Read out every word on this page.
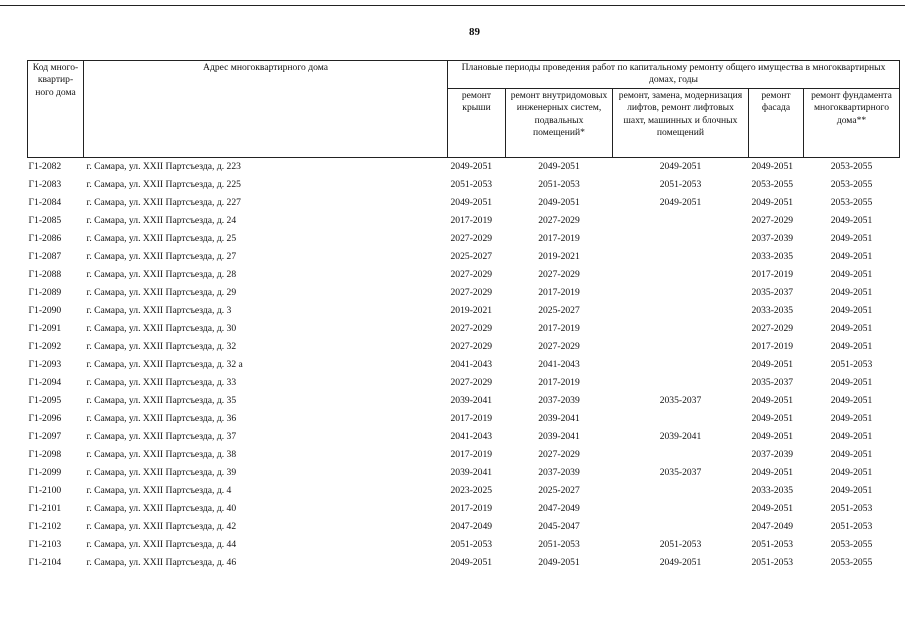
89
Код много-квартир-ного дома	Адрес многоквартирного дома	Плановые периоды проведения работ по капитальному ремонту общего имущества в многоквартирных домах, годы				
		ремонт крыши	ремонт внутридомовых инженерных систем, подвальных помещений*	ремонт, замена, модернизация лифтов, ремонт лифтовых шахт, машинных и блочных помещений	ремонт фасада	ремонт фундамента многоквартирного дома**
Г1-2082	г. Самара, ул. XXII Партсъезда, д. 223	2049-2051	2049-2051	2049-2051	2049-2051	2053-2055
Г1-2083	г. Самара, ул. XXII Партсъезда, д. 225	2051-2053	2051-2053	2051-2053	2053-2055	2053-2055
Г1-2084	г. Самара, ул. XXII Партсъезда, д. 227	2049-2051	2049-2051	2049-2051	2049-2051	2053-2055
Г1-2085	г. Самара, ул. XXII Партсъезда, д. 24	2017-2019	2027-2029		2027-2029	2049-2051
Г1-2086	г. Самара, ул. XXII Партсъезда, д. 25	2027-2029	2017-2019		2037-2039	2049-2051
Г1-2087	г. Самара, ул. XXII Партсъезда, д. 27	2025-2027	2019-2021		2033-2035	2049-2051
Г1-2088	г. Самара, ул. XXII Партсъезда, д. 28	2027-2029	2027-2029		2017-2019	2049-2051
Г1-2089	г. Самара, ул. XXII Партсъезда, д. 29	2027-2029	2017-2019		2035-2037	2049-2051
Г1-2090	г. Самара, ул. XXII Партсъезда, д. 3	2019-2021	2025-2027		2033-2035	2049-2051
Г1-2091	г. Самара, ул. XXII Партсъезда, д. 30	2027-2029	2017-2019		2027-2029	2049-2051
Г1-2092	г. Самара, ул. XXII Партсъезда, д. 32	2027-2029	2027-2029		2017-2019	2049-2051
Г1-2093	г. Самара, ул. XXII Партсъезда, д. 32 а	2041-2043	2041-2043		2049-2051	2051-2053
Г1-2094	г. Самара, ул. XXII Партсъезда, д. 33	2027-2029	2017-2019		2035-2037	2049-2051
Г1-2095	г. Самара, ул. XXII Партсъезда, д. 35	2039-2041	2037-2039	2035-2037	2049-2051	2049-2051
Г1-2096	г. Самара, ул. XXII Партсъезда, д. 36	2017-2019	2039-2041		2049-2051	2049-2051
Г1-2097	г. Самара, ул. XXII Партсъезда, д. 37	2041-2043	2039-2041	2039-2041	2049-2051	2049-2051
Г1-2098	г. Самара, ул. XXII Партсъезда, д. 38	2017-2019	2027-2029		2037-2039	2049-2051
Г1-2099	г. Самара, ул. XXII Партсъезда, д. 39	2039-2041	2037-2039	2035-2037	2049-2051	2049-2051
Г1-2100	г. Самара, ул. XXII Партсъезда, д. 4	2023-2025	2025-2027		2033-2035	2049-2051
Г1-2101	г. Самара, ул. XXII Партсъезда, д. 40	2017-2019	2047-2049		2049-2051	2051-2053
Г1-2102	г. Самара, ул. XXII Партсъезда, д. 42	2047-2049	2045-2047		2047-2049	2051-2053
Г1-2103	г. Самара, ул. XXII Партсъезда, д. 44	2051-2053	2051-2053	2051-2053	2051-2053	2053-2055
Г1-2104	г. Самара, ул. XXII Партсъезда, д. 46	2049-2051	2049-2051	2049-2051	2051-2053	2053-2055
